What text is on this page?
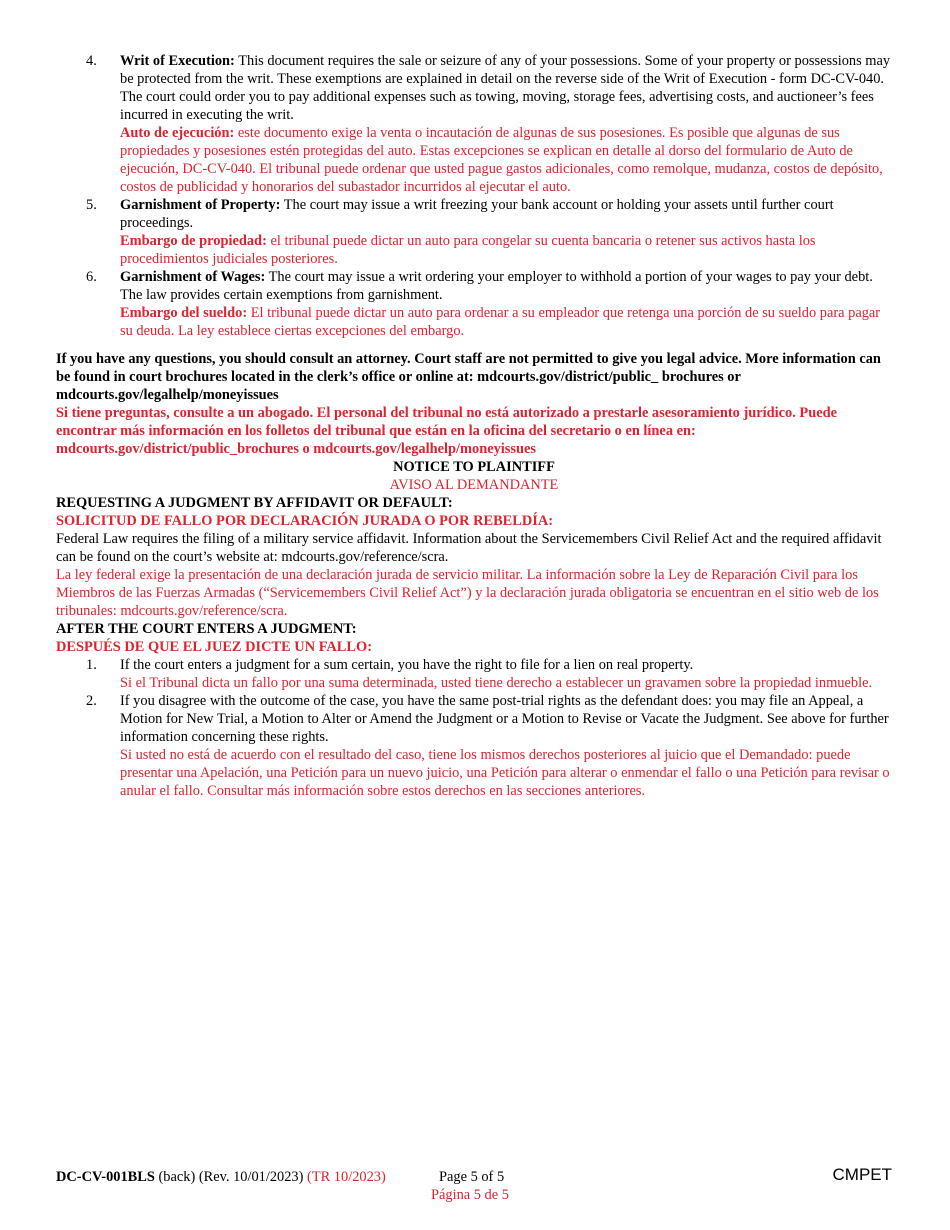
4. Writ of Execution: This document requires the sale or seizure of any of your possessions. Some of your property or possessions may be protected from the writ. These exemptions are explained in detail on the reverse side of the Writ of Execution - form DC-CV-040. The court could order you to pay additional expenses such as towing, moving, storage fees, advertising costs, and auctioneer’s fees incurred in executing the writ.
Auto de ejecución: este documento exige la venta o incautación de algunas de sus posesiones. Es posible que algunas de sus propiedades y posesiones estén protegidas del auto. Estas excepciones se explican en detalle al dorso del formulario de Auto de ejecución, DC-CV-040. El tribunal puede ordenar que usted pague gastos adicionales, como remolque, mudanza, costos de depósito, costos de publicidad y honorarios del subastador incurridos al ejecutar el auto.
5. Garnishment of Property: The court may issue a writ freezing your bank account or holding your assets until further court proceedings.
Embargo de propiedad: el tribunal puede dictar un auto para congelar su cuenta bancaria o retener sus activos hasta los procedimientos judiciales posteriores.
6. Garnishment of Wages: The court may issue a writ ordering your employer to withhold a portion of your wages to pay your debt. The law provides certain exemptions from garnishment.
Embargo del sueldo: El tribunal puede dictar un auto para ordenar a su empleador que retenga una porción de su sueldo para pagar su deuda. La ley establece ciertas excepciones del embargo.
If you have any questions, you should consult an attorney. Court staff are not permitted to give you legal advice. More information can be found in court brochures located in the clerk’s office or online at: mdcourts.gov/district/public_ brochures or mdcourts.gov/legalhelp/moneyissues
Si tiene preguntas, consulte a un abogado. El personal del tribunal no está autorizado a prestarle asesoramiento jurídico. Puede encontrar más información en los folletos del tribunal que están en la oficina del secretario o en línea en: mdcourts.gov/district/public_brochures o mdcourts.gov/legalhelp/moneyissues
NOTICE TO PLAINTIFF
AVISO AL DEMANDANTE
REQUESTING A JUDGMENT BY AFFIDAVIT OR DEFAULT:
SOLICITUD DE FALLO POR DECLARACIÓN JURADA O POR REBELDÍA:
Federal Law requires the filing of a military service affidavit. Information about the Servicemembers Civil Relief Act and the required affidavit can be found on the court’s website at: mdcourts.gov/reference/scra.
La ley federal exige la presentación de una declaración jurada de servicio militar. La información sobre la Ley de Reparación Civil para los Miembros de las Fuerzas Armadas (“Servicemembers Civil Relief Act”) y la declaración jurada obligatoria se encuentran en el sitio web de los tribunales: mdcourts.gov/reference/scra.
AFTER THE COURT ENTERS A JUDGMENT:
DESPUÉS DE QUE EL JUEZ DICTE UN FALLO:
1. If the court enters a judgment for a sum certain, you have the right to file for a lien on real property.
Si el Tribunal dicta un fallo por una suma determinada, usted tiene derecho a establecer un gravamen sobre la propiedad inmueble.
2. If you disagree with the outcome of the case, you have the same post-trial rights as the defendant does: you may file an Appeal, a Motion for New Trial, a Motion to Alter or Amend the Judgment or a Motion to Revise or Vacate the Judgment. See above for further information concerning these rights.
Si usted no está de acuerdo con el resultado del caso, tiene los mismos derechos posteriores al juicio que el Demandado: puede presentar una Apelación, una Petición para un nuevo juicio, una Petición para alterar o enmendar el fallo o una Petición para revisar o anular el fallo. Consultar más información sobre estos derechos en las secciones anteriores.
DC-CV-001BLS (back) (Rev. 10/01/2023) (TR 10/2023)	Page 5 of 5
Página 5 de 5
CMPET
